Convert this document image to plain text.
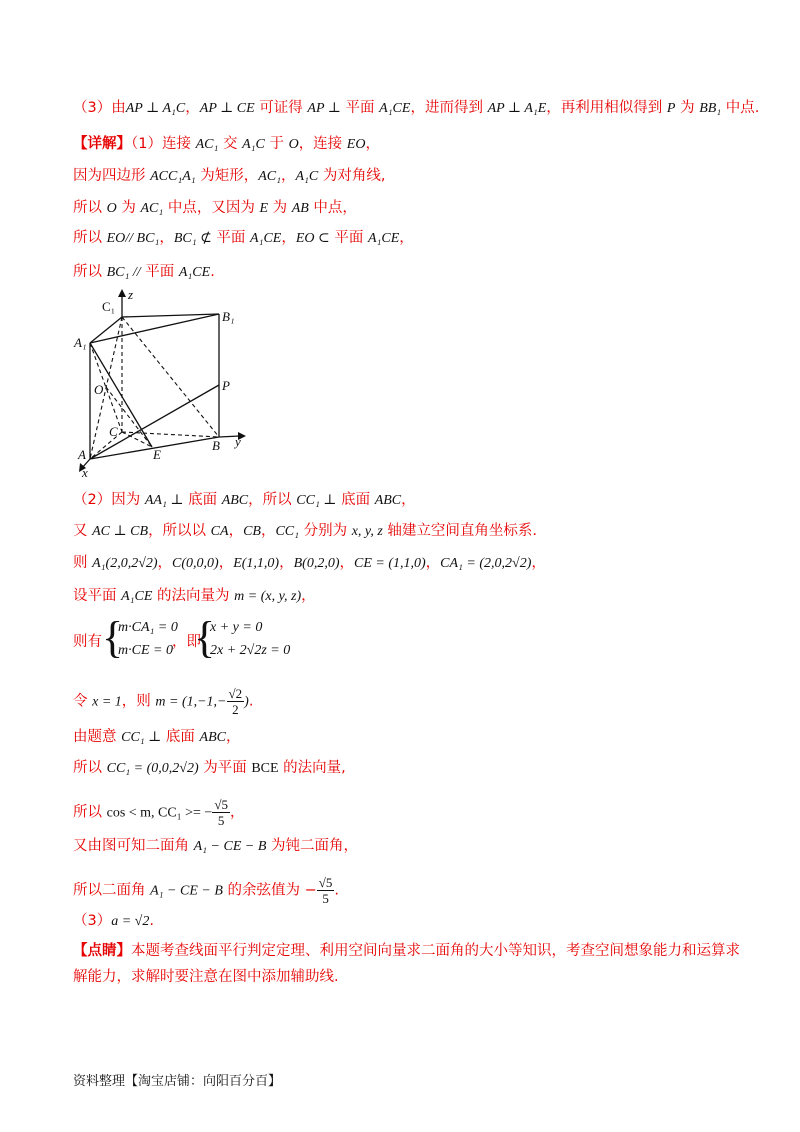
（3）由AP ⊥ A₁C，AP ⊥ CE 可证得 AP ⊥ 平面 A₁CE，进而得到 AP ⊥ A₁E，再利用相似得到 P 为 BB₁ 中点.
【详解】（1）连接 AC₁ 交 A₁C 于 O，连接 EO，
因为四边形 ACC₁A₁ 为矩形，AC₁，A₁C 为对角线,
所以 O 为 AC₁ 中点，又因为 E 为 AB 中点，
所以 EO// BC₁，BC₁ ⊄ 平面 A₁CE，EO ⊂ 平面 A₁CE，
所以 BC₁ // 平面 A₁CE.
C₁
z
B₁
A₁
O	P
C
B y
A	E
x
（2）因为 AA₁ ⊥ 底面 ABC，所以 CC₁ ⊥ 底面 ABC，
又 AC ⊥ CB，所以以 CA，CB，CC₁ 分别为 x, y, z 轴建立空间直角坐标系.
则 A₁(2,0,2√2)，C(0,0,0)，E(1,1,0)，B(0,2,0)，CE = (1,1,0)，CA₁ = (2,0,2√2)，
设平面 A₁CE 的法向量为 m = (x, y, z)，
则有 {
m·CA₁ = 0
m·CE = 0
，即
{
x + y = 0
2x + 2√2z = 0
令 x = 1，则 $m = (1,-1,- \frac{√2}{2}$ ).
由题意 CC₁ ⊥ 底面 ABC，
所以 CC₁ = (0,0,2√2) 为平面 BCE 的法向量,
所以 cos < m, CC₁ >= − $\frac{√5}{5}$ ，
又由图可知二面角 A₁ − CE − B 为钝二面角，
所以二面角 A₁ − CE − B 的余弦值为 − $\frac{√5}{5}$ .
（3）a = √2.
【点睛】本题考查线面平行判定定理、利用空间向量求二面角的大小等知识，考查空间想象能力和运算求
解能力，求解时要注意在图中添加辅助线.
资料整理【淘宝店铺：向阳百分百】
